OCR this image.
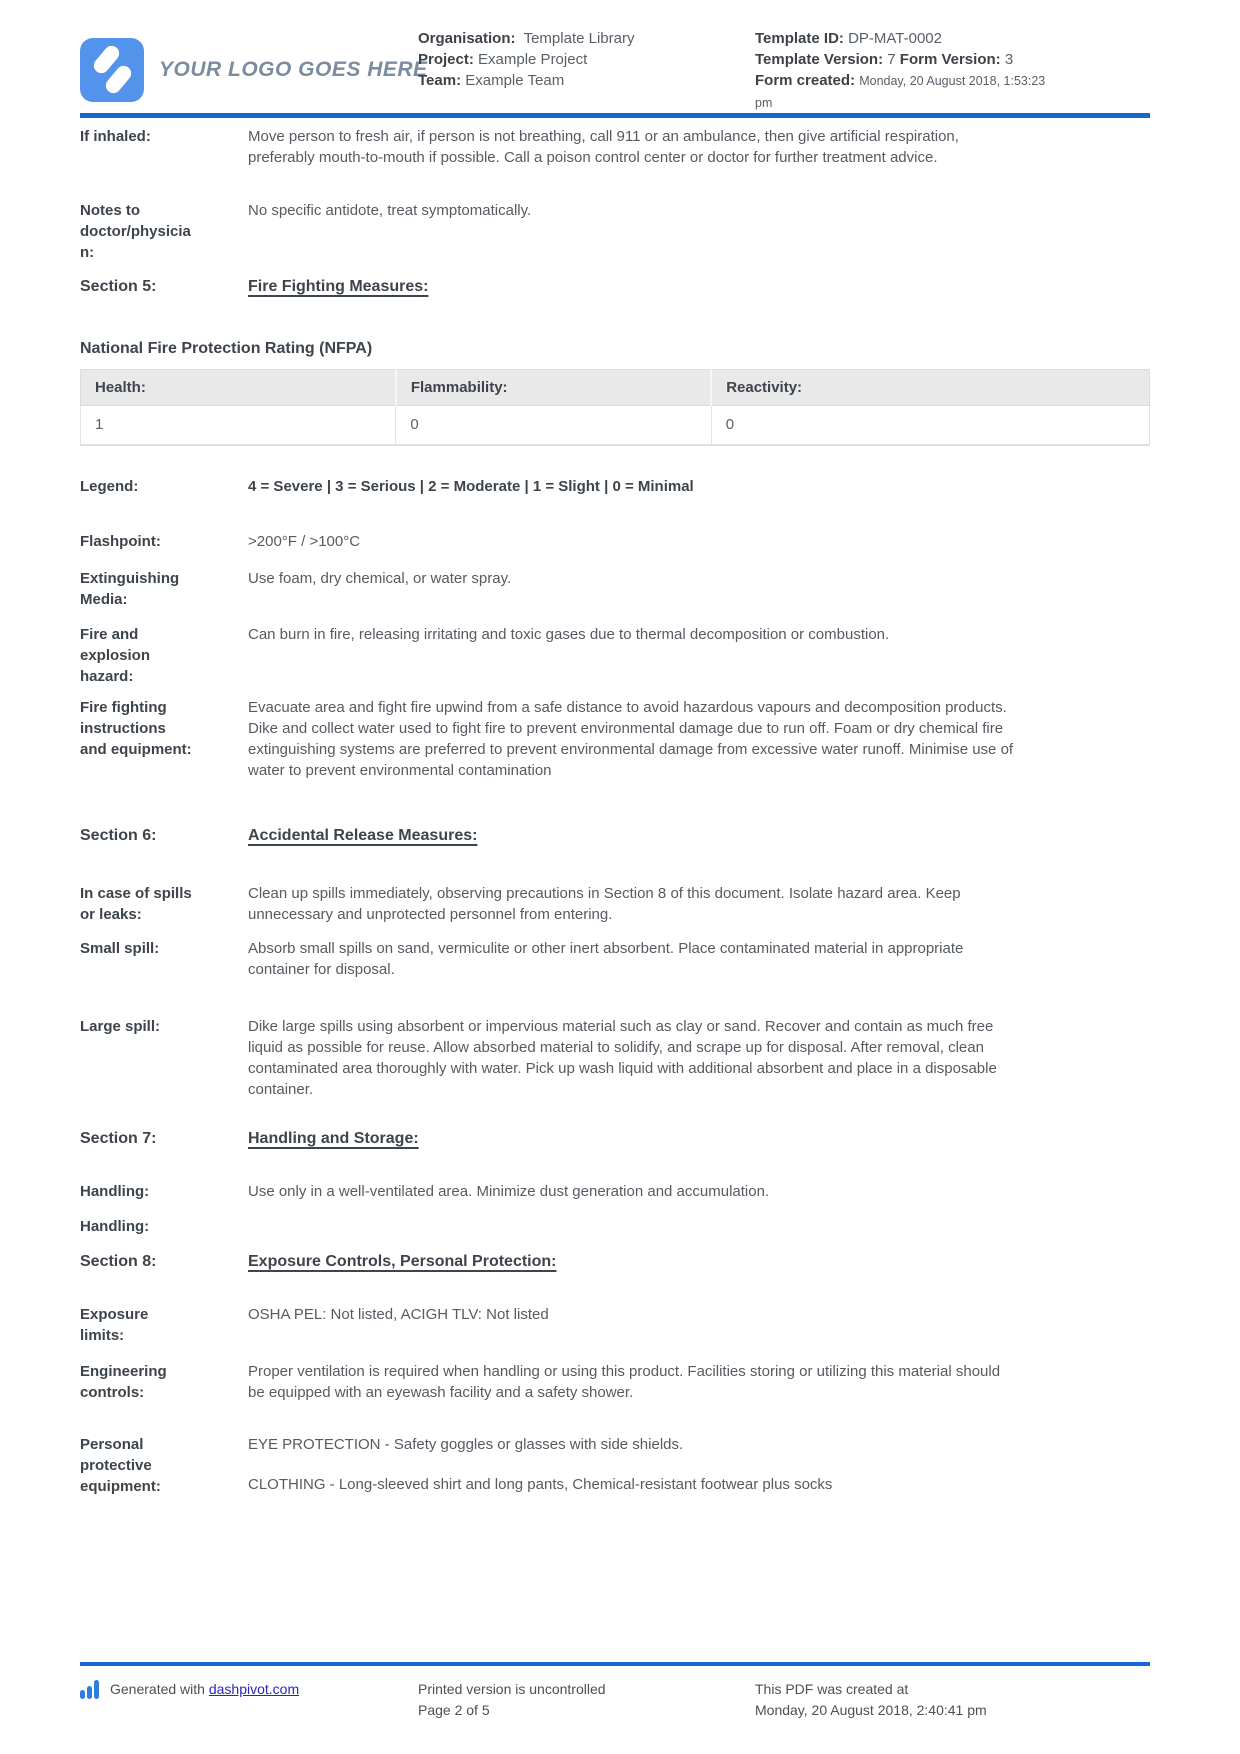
YOUR LOGO GOES HERE
Organisation: Template Library
Project: Example Project
Team: Example Team
Template ID: DP-MAT-0002
Template Version: 7 Form Version: 3
Form created: Monday, 20 August 2018, 1:53:23 pm
If inhaled:	Move person to fresh air, if person is not breathing, call 911 or an ambulance, then give artificial respiration, preferably mouth-to-mouth if possible. Call a poison control center or doctor for further treatment advice.

Notes to doctor/physician:

No specific antidote, treat symptomatically.

Section 5:	Fire Fighting Measures:
National Fire Protection Rating (NFPA)
Health:	Flammability:	Reactivity:
1	0	0
Legend:	4 = Severe | 3 = Serious | 2 = Moderate | 1 = Slight | 0 = Minimal

Flashpoint:	>200°F / >100°C

Extinguishing Media:

Use foam, dry chemical, or water spray.

Fire and explosion hazard:

Can burn in fire, releasing irritating and toxic gases due to thermal decomposition or combustion.

Fire fighting instructions and equipment:

Evacuate area and fight fire upwind from a safe distance to avoid hazardous vapours and decomposition products. Dike and collect water used to fight fire to prevent environmental damage due to run off. Foam or dry chemical fire extinguishing systems are preferred to prevent environmental damage from excessive water runoff. Minimise use of water to prevent environmental contamination

Section 6:	Accidental Release Measures:
In case of spills or leaks:

Clean up spills immediately, observing precautions in Section 8 of this document. Isolate hazard area. Keep unnecessary and unprotected personnel from entering.

Small spill:	Absorb small spills on sand, vermiculite or other inert absorbent. Place contaminated material in appropriate container for disposal.

Large spill:	Dike large spills using absorbent or impervious material such as clay or sand. Recover and contain as much free liquid as possible for reuse. Allow absorbed material to solidify, and scrape up for disposal. After removal, clean contaminated area thoroughly with water. Pick up wash liquid with additional absorbent and place in a disposable container.

Section 7:	Handling and Storage:
Handling:	Use only in a well-ventilated area. Minimize dust generation and accumulation.

Handling:
Section 8:	Exposure Controls, Personal Protection:
Exposure limits:

OSHA PEL: Not listed, ACIGH TLV: Not listed

Engineering controls:

Proper ventilation is required when handling or using this product. Facilities storing or utilizing this material should be equipped with an eyewash facility and a safety shower.

Personal protective equipment:

EYE PROTECTION - Safety goggles or glasses with side shields.

CLOTHING - Long-sleeved shirt and long pants, Chemical-resistant footwear plus socks

Generated with dashpivot.com	Printed version is uncontrolled
Page 2 of 5
This PDF was created at
Monday, 20 August 2018, 2:40:41 pm
